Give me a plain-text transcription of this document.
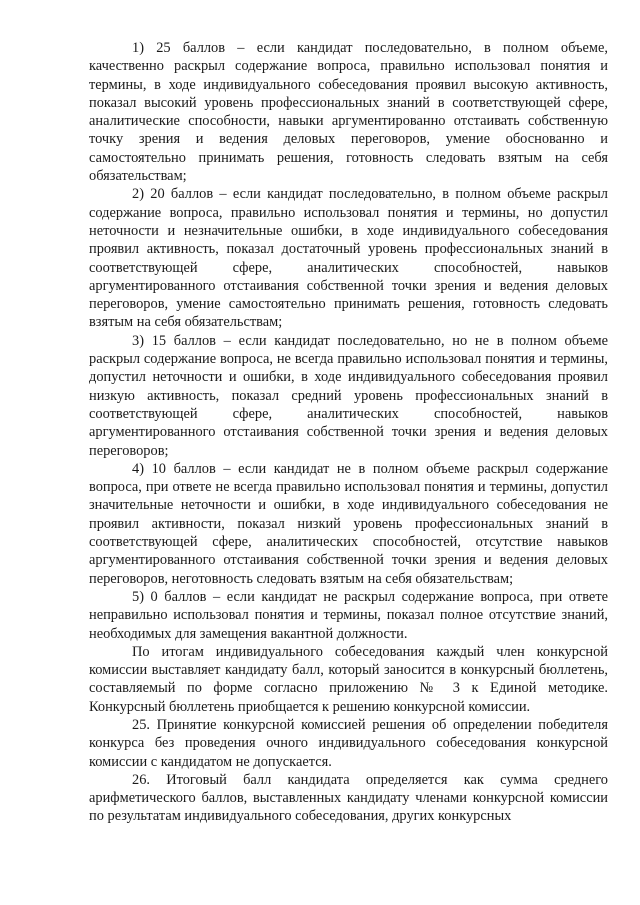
1) 25 баллов – если кандидат последовательно, в полном объеме, качественно раскрыл содержание вопроса, правильно использовал понятия и термины, в ходе индивидуального собеседования проявил высокую активность, показал высокий уровень профессиональных знаний в соответствующей сфере, аналитические способности, навыки аргументированно отстаивать собственную точку зрения и ведения деловых переговоров, умение обоснованно и самостоятельно принимать решения, готовность следовать взятым на себя обязательствам;

2) 20 баллов – если кандидат последовательно, в полном объеме раскрыл содержание вопроса, правильно использовал понятия и термины, но допустил неточности и незначительные ошибки, в ходе индивидуального собеседования проявил активность, показал достаточный уровень профессиональных знаний в соответствующей сфере, аналитических способностей, навыков аргументированного отстаивания собственной точки зрения и ведения деловых переговоров, умение самостоятельно принимать решения, готовность следовать взятым на себя обязательствам;

3) 15 баллов – если кандидат последовательно, но не в полном объеме раскрыл содержание вопроса, не всегда правильно использовал понятия и термины, допустил неточности и ошибки, в ходе индивидуального собеседования проявил низкую активность, показал средний уровень профессиональных знаний в соответствующей сфере, аналитических способностей, навыков аргументированного отстаивания собственной точки зрения и ведения деловых переговоров;

4) 10 баллов – если кандидат не в полном объеме раскрыл содержание вопроса, при ответе не всегда правильно использовал понятия и термины, допустил значительные неточности и ошибки, в ходе индивидуального собеседования не проявил активности, показал низкий уровень профессиональных знаний в соответствующей сфере, аналитических способностей, отсутствие навыков аргументированного отстаивания собственной точки зрения и ведения деловых переговоров, неготовность следовать взятым на себя обязательствам;

5) 0 баллов – если кандидат не раскрыл содержание вопроса, при ответе неправильно использовал понятия и термины, показал полное отсутствие знаний, необходимых для замещения вакантной должности.

По итогам индивидуального собеседования каждый член конкурсной комиссии выставляет кандидату балл, который заносится в конкурсный бюллетень, составляемый по форме согласно приложению № 3 к Единой методике. Конкурсный бюллетень приобщается к решению конкурсной комиссии.

25. Принятие конкурсной комиссией решения об определении победителя конкурса без проведения очного индивидуального собеседования конкурсной комиссии с кандидатом не допускается.

26. Итоговый балл кандидата определяется как сумма среднего арифметического баллов, выставленных кандидату членами конкурсной комиссии по результатам индивидуального собеседования, других конкурсных
